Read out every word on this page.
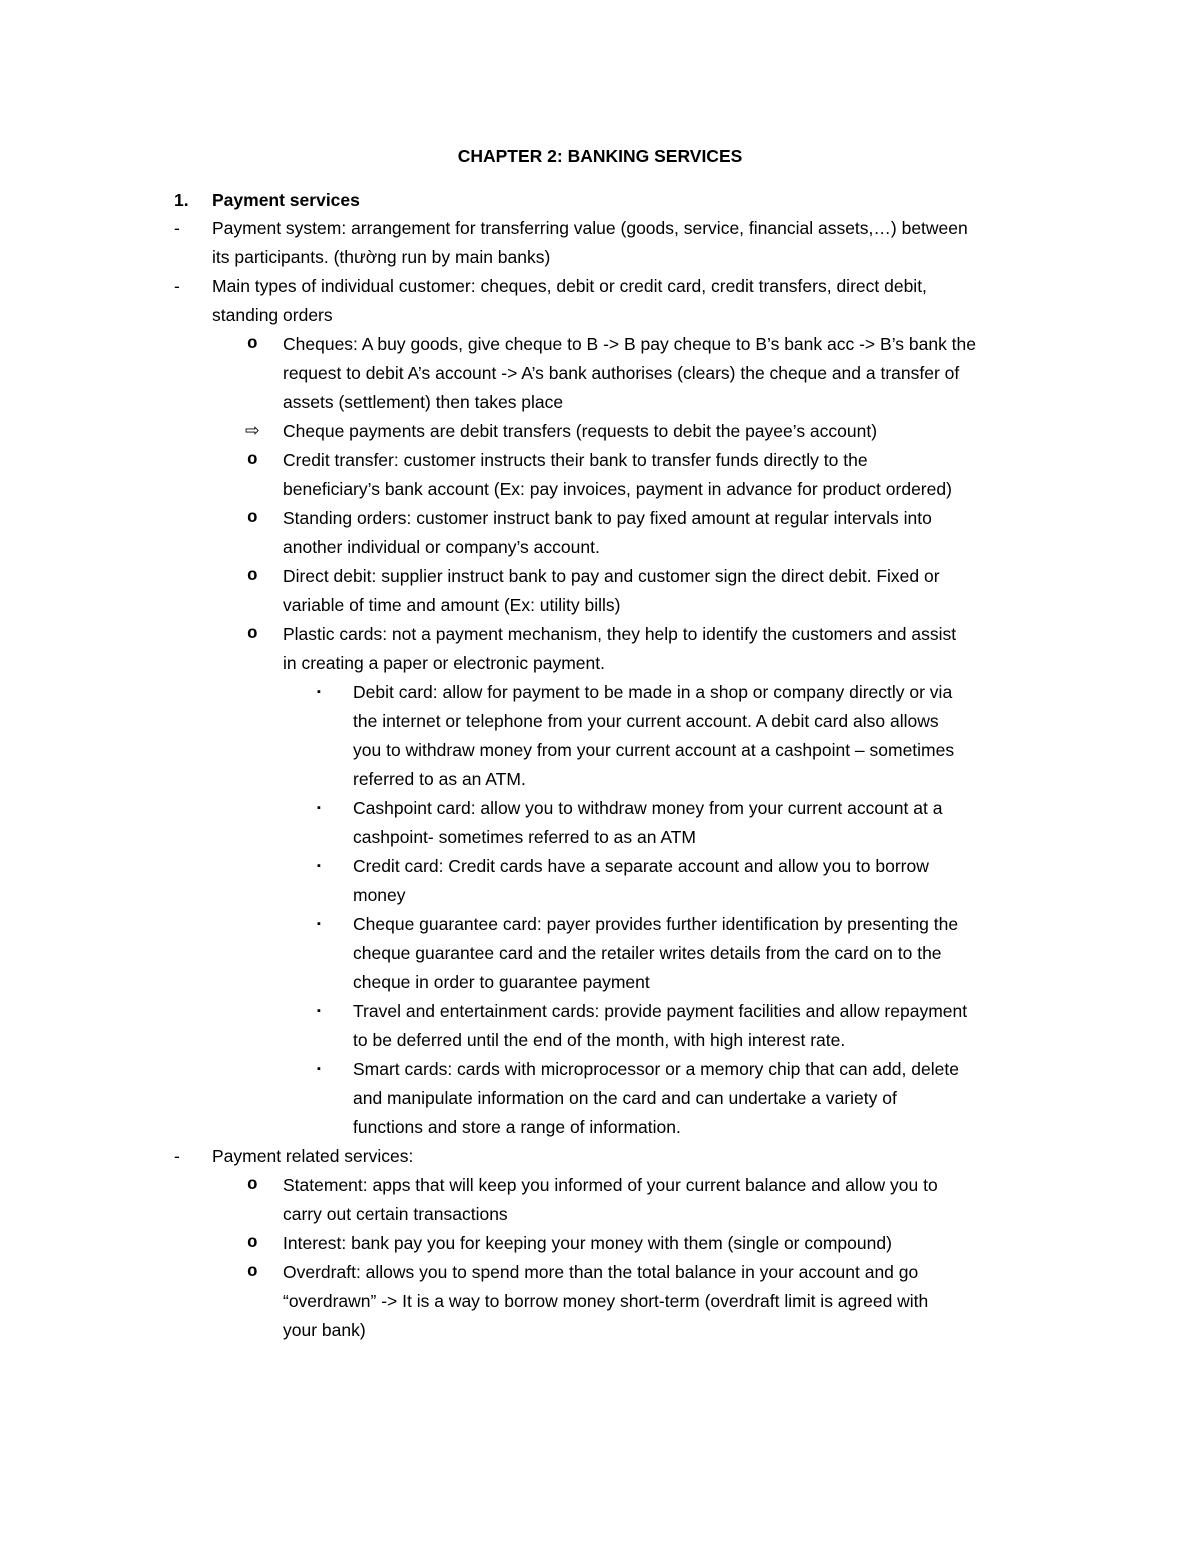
CHAPTER 2: BANKING SERVICES
1. Payment services
- Payment system: arrangement for transferring value (goods, service, financial assets,…) between
its participants. (thường run by main banks)
- Main types of individual customer: cheques, debit or credit card, credit transfers, direct debit,
standing orders
o Cheques: A buy goods, give cheque to B -> B pay cheque to B’s bank acc -> B’s bank the
request to debit A’s account -> A’s bank authorises (clears) the cheque and a transfer of
assets (settlement) then takes place
⇨ Cheque payments are debit transfers (requests to debit the payee’s account)
o Credit transfer: customer instructs their bank to transfer funds directly to the
beneficiary’s bank account (Ex: pay invoices, payment in advance for product ordered)
o Standing orders: customer instruct bank to pay fixed amount at regular intervals into
another individual or company’s account.
o Direct debit: supplier instruct bank to pay and customer sign the direct debit. Fixed or
variable of time and amount (Ex: utility bills)
o Plastic cards: not a payment mechanism, they help to identify the customers and assist
in creating a paper or electronic payment.
▪ Debit card: allow for payment to be made in a shop or company directly or via
the internet or telephone from your current account. A debit card also allows
you to withdraw money from your current account at a cashpoint – sometimes
referred to as an ATM.
▪ Cashpoint card: allow you to withdraw money from your current account at a
cashpoint- sometimes referred to as an ATM
▪ Credit card: Credit cards have a separate account and allow you to borrow
money
▪ Cheque guarantee card: payer provides further identification by presenting the
cheque guarantee card and the retailer writes details from the card on to the
cheque in order to guarantee payment
▪ Travel and entertainment cards: provide payment facilities and allow repayment
to be deferred until the end of the month, with high interest rate.
▪ Smart cards: cards with microprocessor or a memory chip that can add, delete
and manipulate information on the card and can undertake a variety of
functions and store a range of information.
- Payment related services:
o Statement: apps that will keep you informed of your current balance and allow you to
carry out certain transactions
o Interest: bank pay you for keeping your money with them (single or compound)
o Overdraft: allows you to spend more than the total balance in your account and go
“overdrawn” -> It is a way to borrow money short-term (overdraft limit is agreed with
your bank)
